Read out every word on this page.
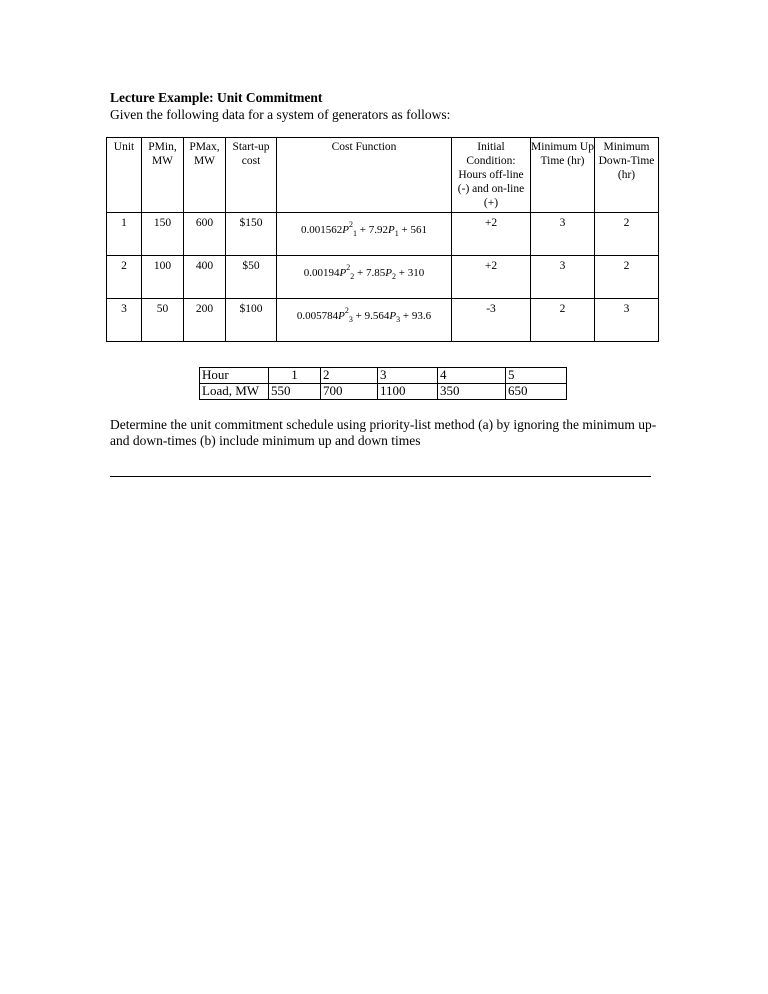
Lecture Example: Unit Commitment
Given the following data for a system of generators as follows:
Unit	PMin, MW	PMax, MW	Start-up cost	Cost Function	Initial Condition: Hours off-line (-) and on-line (+)	Minimum Up Time (hr)	Minimum Down-Time (hr)
1	150	600	$150	$0.001562P^2_1 + 7.92P_1 + 561$	+2	3	2
2	100	400	$50	$0.00194P^2_2 + 7.85P_2 + 310$	+2	3	2
3	50	200	$100	$0.005784P^2_3 + 9.564P_3 + 93.6$	-3	2	3
Hour	1	2	3	4	5
Load, MW	550	700	1100	350	650
Determine the unit commitment schedule using priority-list method (a) by ignoring the minimum up- and down-times (b) include minimum up and down times
